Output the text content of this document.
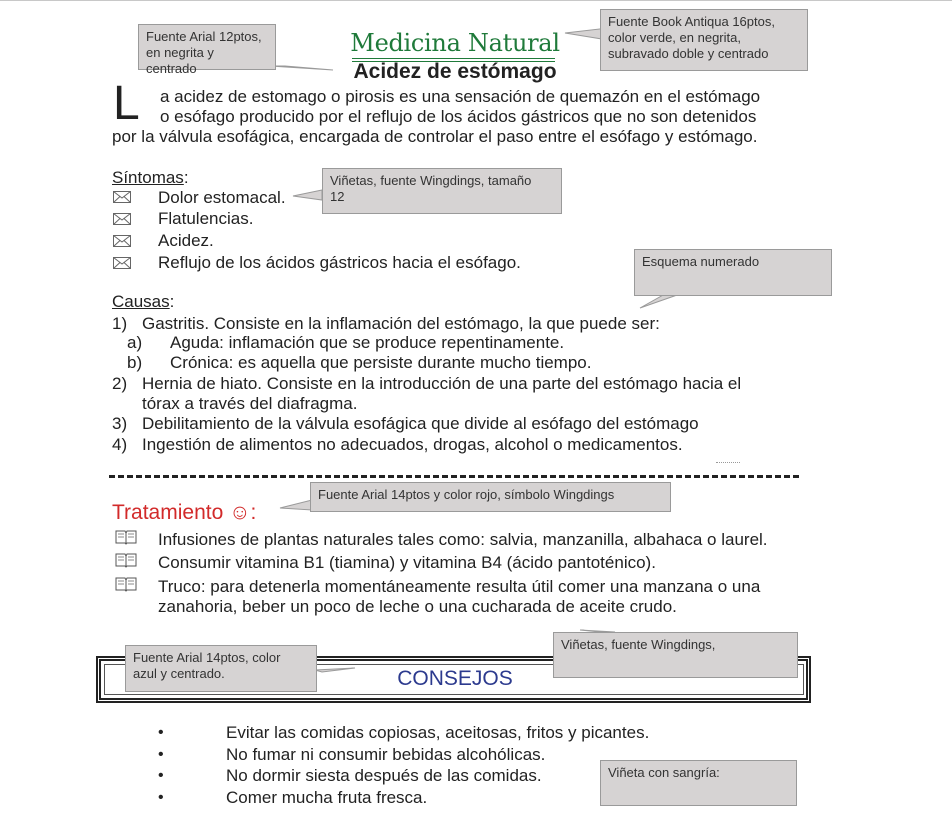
Medicina Natural
Acidez de estómago
L a acidez de estomago o pirosis es una sensación de quemazón en el estómago
o esófago producido por el reflujo de los ácidos gástricos que no son detenidos
por la válvula esofágica, encargada de controlar el paso entre el esófago y estómago.
Síntomas:
Dolor estomacal.
Flatulencias.
Acidez.
Reflujo de los ácidos gástricos hacia el esófago.
Causas:
1) Gastritis. Consiste en la inflamación del estómago, la que puede ser:
a) Aguda: inflamación que se produce repentinamente.
b) Crónica: es aquella que persiste durante mucho tiempo.
2) Hernia de hiato. Consiste en la introducción de una parte del estómago hacia el
tórax a través del diafragma.
3) Debilitamiento de la válvula esofágica que divide al esófago del estómago
4) Ingestión de alimentos no adecuados, drogas, alcohol o medicamentos.
Tratamiento ☺:
Infusiones de plantas naturales tales como: salvia, manzanilla, albahaca o laurel.
Consumir vitamina B1 (tiamina) y vitamina B4 (ácido pantoténico).
Truco: para detenerla momentáneamente resulta útil comer una manzana o una
zanahoria, beber un poco de leche o una cucharada de aceite crudo.
CONSEJOS
•	Evitar las comidas copiosas, aceitosas, fritos y picantes.
•	No fumar ni consumir bebidas alcohólicas.
•	No dormir siesta después de las comidas.
•	Comer mucha fruta fresca.
Fuente Arial 12ptos,
en negrita y centrado
Fuente Book Antiqua 16ptos,
color verde, en negrita,
subravado doble y centrado
Viñetas, fuente Wingdings, tamaño
12
Esquema numerado
Fuente Arial 14ptos y color rojo, símbolo Wingdings
Fuente Arial 14ptos, color
azul y centrado.
Viñetas, fuente Wingdings,
Viñeta con sangría:
